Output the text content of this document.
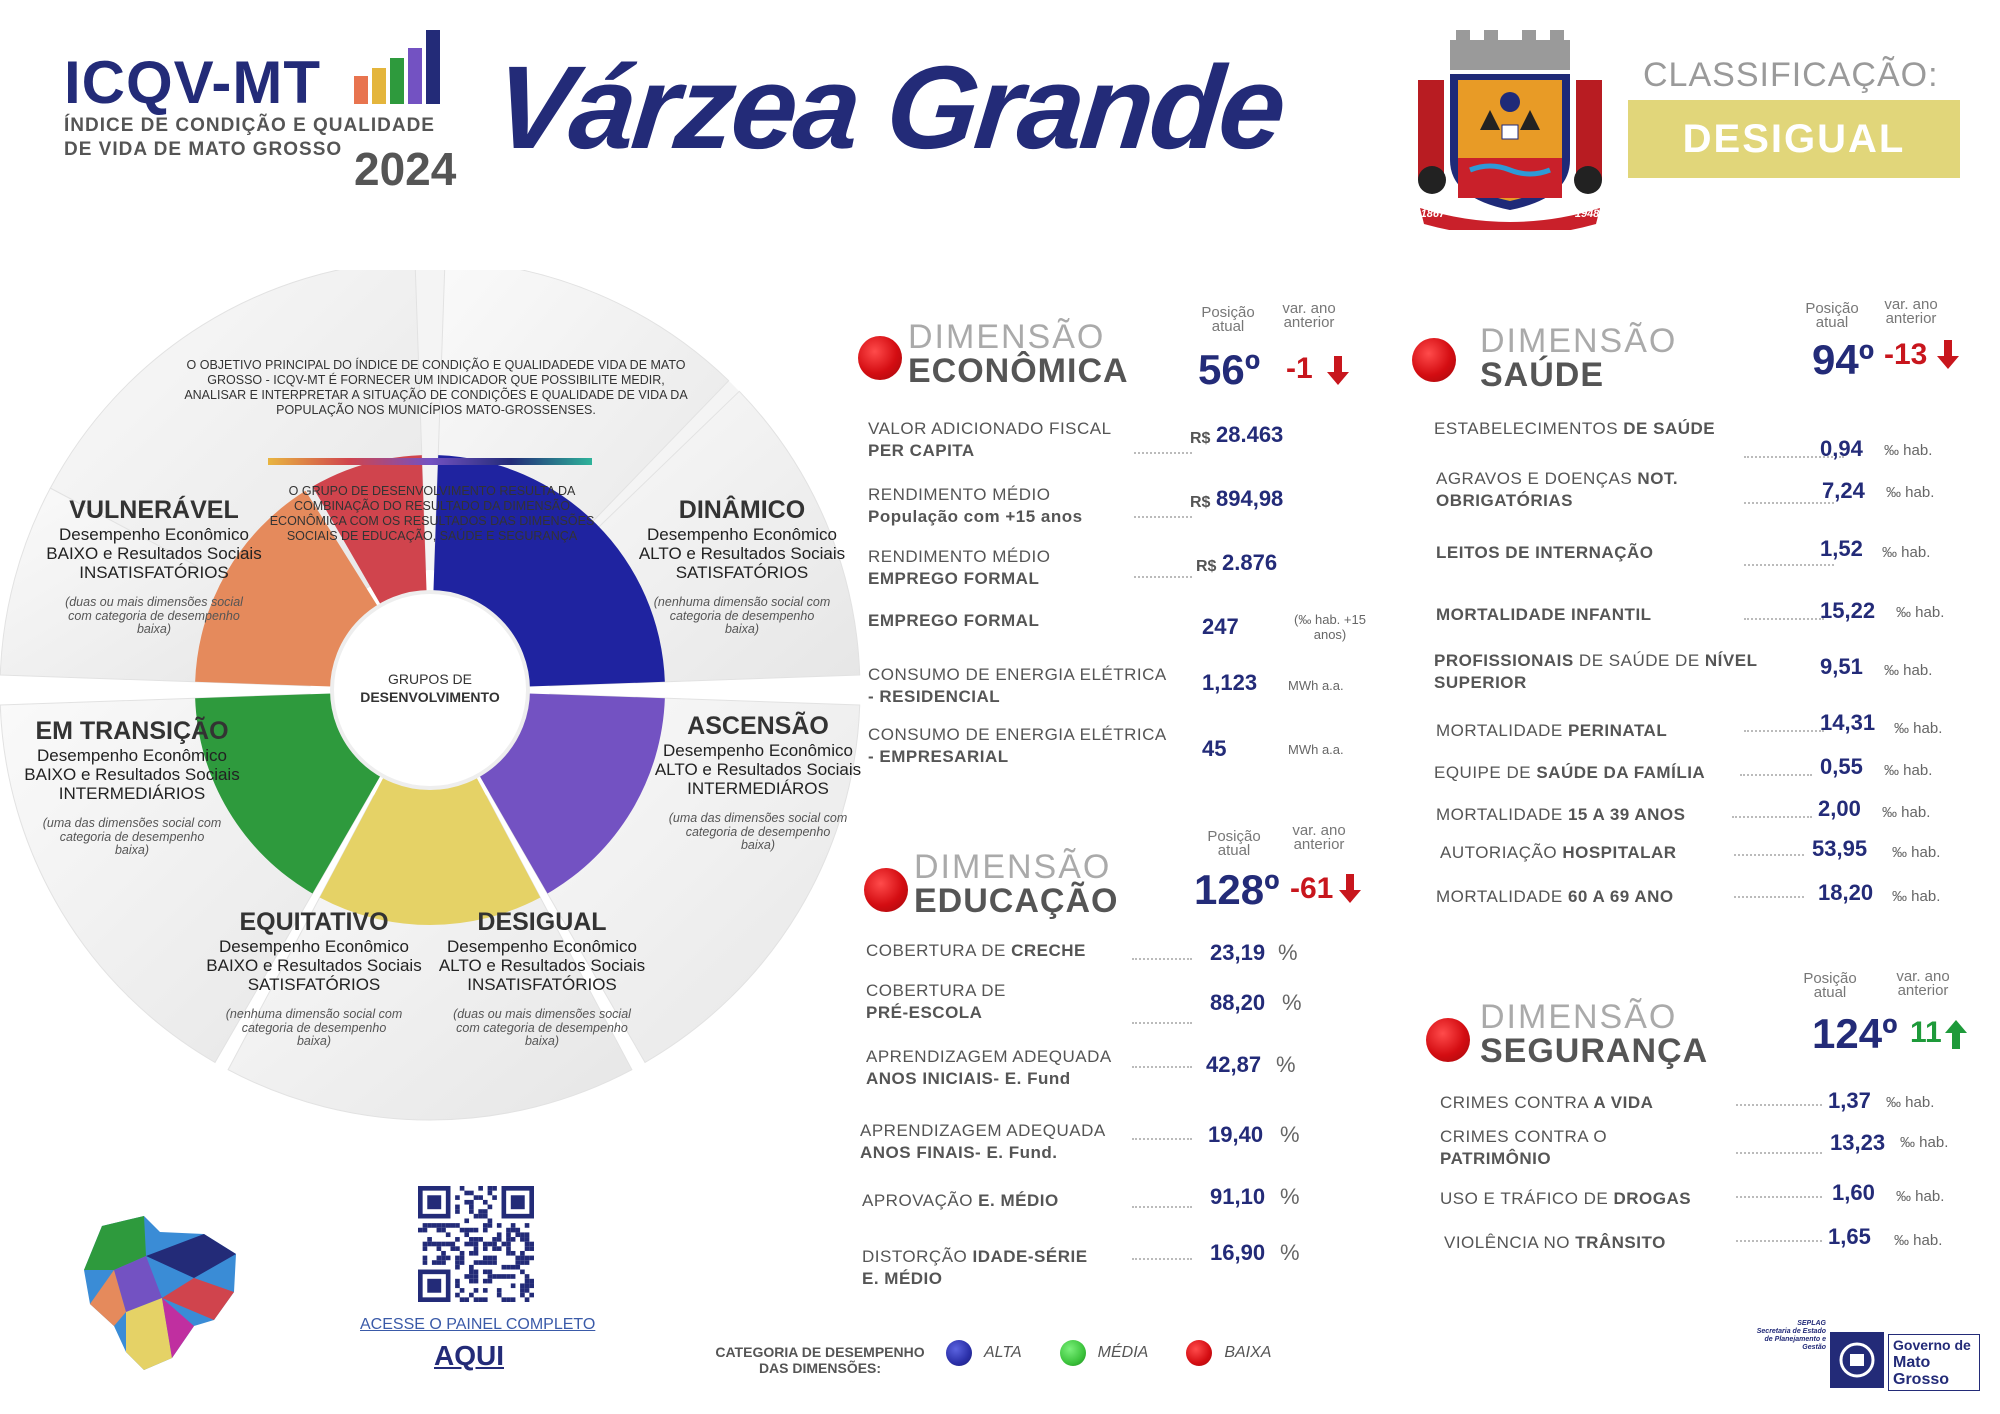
ICQV-MT
ÍNDICE DE CONDIÇÃO E QUALIDADE DE VIDA DE MATO GROSSO 2024 Várzea Grande
1867 VÁRZEA GRANDE 1948
CLASSIFICAÇÃO:
DESIGUAL
O OBJETIVO PRINCIPAL DO ÍNDICE DE CONDIÇÃO E QUALIDADEDE VIDA DE MATO GROSSO - ICQV-MT É FORNECER UM INDICADOR QUE POSSIBILITE MEDIR, ANALISAR E INTERPRETAR A SITUAÇÃO DE CONDIÇÕES E QUALIDADE DE VIDA DA POPULAÇÃO NOS MUNICÍPIOS MATO-GROSSENSES.
O GRUPO DE DESENVOLVIMENTO RESULTA DA COMBINAÇÃO DO RESULTADO DA DIMENSÃO ECONÔMICA COM OS RESULTADOS DAS DIMENSÕES SOCIAIS DE EDUCAÇÃO, SAÚDE E SEGURANÇA
GRUPOS DE
DESENVOLVIMENTO
VULNERÁVEL
Desempenho Econômico BAIXO e Resultados Sociais INSATISFATÓRIOS
(duas ou mais dimensões social com categoria de desempenho baixa)
DINÂMICO
Desempenho Econômico ALTO e Resultados Sociais SATISFATÓRIOS
(nenhuma dimensão social com categoria de desempenho baixa)
EM TRANSIÇÃO
Desempenho Econômico BAIXO e Resultados Sociais INTERMEDIÁRIOS
(uma das dimensões social com categoria de desempenho baixa)
ASCENSÃO
Desempenho Econômico ALTO e Resultados Sociais INTERMEDIÁROS
(uma das dimensões social com categoria de desempenho baixa)
EQUITATIVO
Desempenho Econômico BAIXO e Resultados Sociais SATISFATÓRIOS
(nenhuma dimensão social com categoria de desempenho baixa)
DESIGUAL
Desempenho Econômico ALTO e Resultados Sociais INSATISFATÓRIOS
(duas ou mais dimensões social com categoria de desempenho baixa)
DIMENSÃO
ECONÔMICA
Posição
atual
var. ano
anterior
56º -1
VALOR ADICIONADO FISCAL
PER CAPITA
R$ 28.463
RENDIMENTO MÉDIO
População com +15 anos
R$ 894,98
RENDIMENTO MÉDIO
EMPREGO FORMAL
R$ 2.876
EMPREGO FORMAL	247	(‰ hab. +15 anos)
CONSUMO DE ENERGIA ELÉTRICA
- RESIDENCIAL
1,123 MWh a.a.
CONSUMO DE ENERGIA ELÉTRICA
- EMPRESARIAL	45	MWh a.a.
DIMENSÃO
EDUCAÇÃO
Posição
atual
var. ano
anterior
128º -61
COBERTURA DE CRECHE	23,19 %
COBERTURA DE
PRÉ-ESCOLA	88,20 %
APRENDIZAGEM ADEQUADA
ANOS INICIAIS- E. Fund
42,87 %
APRENDIZAGEM ADEQUADA
ANOS FINAIS- E. Fund.
19,40 %
APROVAÇÃO E. MÉDIO	91,10 %
DISTORÇÃO IDADE-SÉRIE
E. MÉDIO
16,90 %
DIMENSÃO
SAÚDE
Posição
atual
var. ano
anterior
94º -13
ESTABELECIMENTOS DE SAÚDE
0,94 ‰ hab.
AGRAVOS E DOENÇAS NOT.
OBRIGATÓRIAS	7,24 ‰ hab.
LEITOS DE INTERNAÇÃO	1,52 ‰ hab.
MORTALIDADE INFANTIL	15,22 ‰ hab.
PROFISSIONAIS DE SAÚDE DE NÍVEL
SUPERIOR
9,51 ‰ hab.
MORTALIDADE PERINATAL	14,31 ‰ hab.
EQUIPE DE SAÚDE DA FAMÍLIA	0,55 ‰ hab.
MORTALIDADE 15 A 39 ANOS	2,00 ‰ hab.
AUTORIAÇÃO HOSPITALAR	53,95 ‰ hab.
MORTALIDADE 60 A 69 ANO	18,20 ‰ hab.
DIMENSÃO
SEGURANÇA
Posição
atual
var. ano
anterior
124º 11
CRIMES CONTRA A VIDA	1,37 ‰ hab.
CRIMES CONTRA O
PATRIMÔNIO
13,23 ‰ hab.
USO E TRÁFICO DE DROGAS	1,60 ‰ hab.
VIOLÊNCIA NO TRÂNSITO	1,65 ‰ hab.
ACESSE O PAINEL COMPLETO
AQUI	CATEGORIA DE DESEMPENHO DAS DIMENSÕES:
ALTA	MÉDIA	BAIXA
SEPLAG
Secretaria de Estado de Planejamento e Gestão	Governo de
Mato Grosso
